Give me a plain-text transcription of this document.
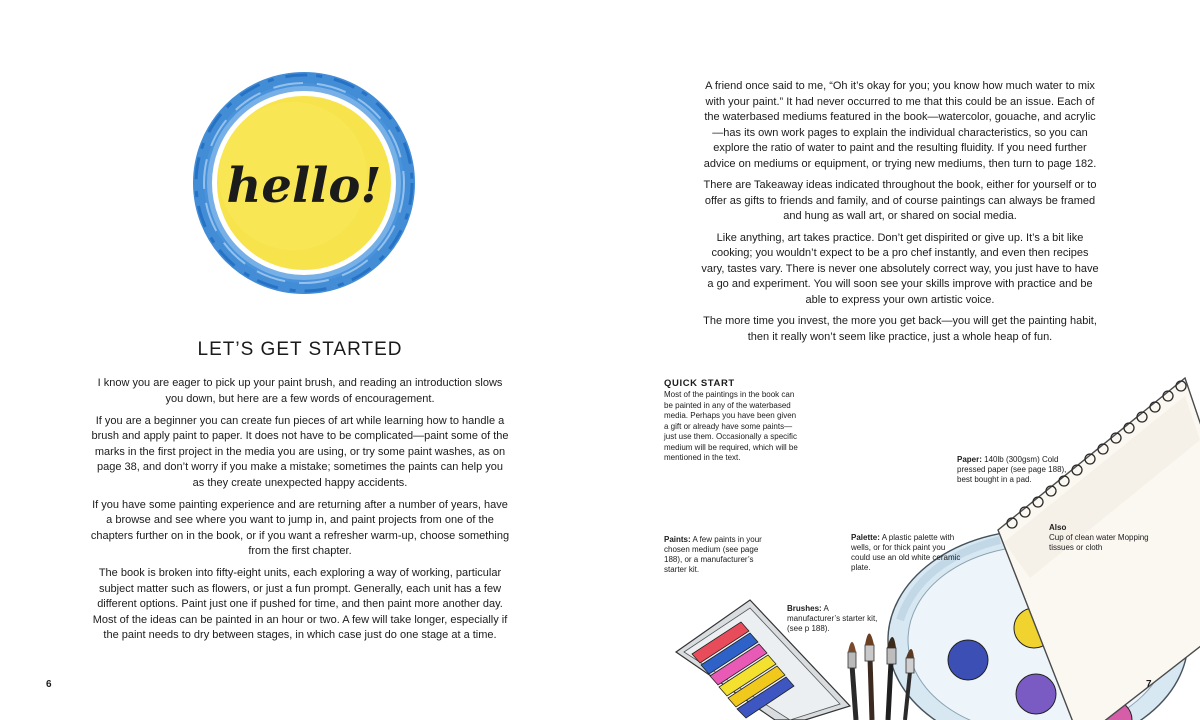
hello!
LET’S GET STARTED

I know you are eager to pick up your paint brush, and reading an introduction slows you down, but here are a few words of encouragement.

If you are a beginner you can create fun pieces of art while learning how to handle a brush and apply paint to paper. It does not have to be complicated—paint some of the marks in the first project in the media you are using, or try some paint washes, as on page 38, and don’t worry if you make a mistake; sometimes the paints can help you as they create unexpected happy accidents.

If you have some painting experience and are returning after a number of years, have a browse and see where you want to jump in, and paint projects from one of the chapters further on in the book, or if you want a refresher warm-up, choose something from the first chapter.

The book is broken into fifty-eight units, each exploring a way of working, particular subject matter such as flowers, or just a fun prompt. Generally, each unit has a few different options. Paint just one if pushed for time, and then paint more another day. Most of the ideas can be painted in an hour or two. A few will take longer, especially if the paint needs to dry between stages, in which case just do one stage at a time.

6

A friend once said to me, “Oh it’s okay for you; you know how much water to mix with your paint.” It had never occurred to me that this could be an issue. Each of the waterbased mediums featured in the book—watercolor, gouache, and acrylic—has its own work pages to explain the individual characteristics, so you can explore the ratio of water to paint and the resulting fluidity. If you need further advice on mediums or equipment, or trying new mediums, then turn to page 182.

There are Takeaway ideas indicated throughout the book, either for yourself or to offer as gifts to friends and family, and of course paintings can always be framed and hung as wall art, or shared on social media.

Like anything, art takes practice. Don’t get dispirited or give up. It’s a bit like cooking; you wouldn’t expect to be a pro chef instantly, and even then recipes vary, tastes vary. There is never one absolutely correct way, you just have to have a go and experiment. You will soon see your skills improve with practice and be able to express your own artistic voice.

The more time you invest, the more you get back—you will get the painting habit, then it really won’t seem like practice, just a whole heap of fun.

QUICK START
Most of the paintings in the book can be painted in any of the waterbased media. Perhaps you have been given a gift or already have some paints—just use them. Occasionally a specific medium will be required, which will be mentioned in the text.	Paper: 140lb (300gsm) Cold pressed paper (see page 188), best bought in a pad.
Also
Cup of clean water Mopping tissues or cloth
Palette: A plastic palette with wells, or for thick paint you could use an old white ceramic plate.
Paints: A few paints in your chosen medium (see page 188), or a manufacturer’s starter kit.
Brushes: A manufacturer’s starter kit, (see p 188).
7
